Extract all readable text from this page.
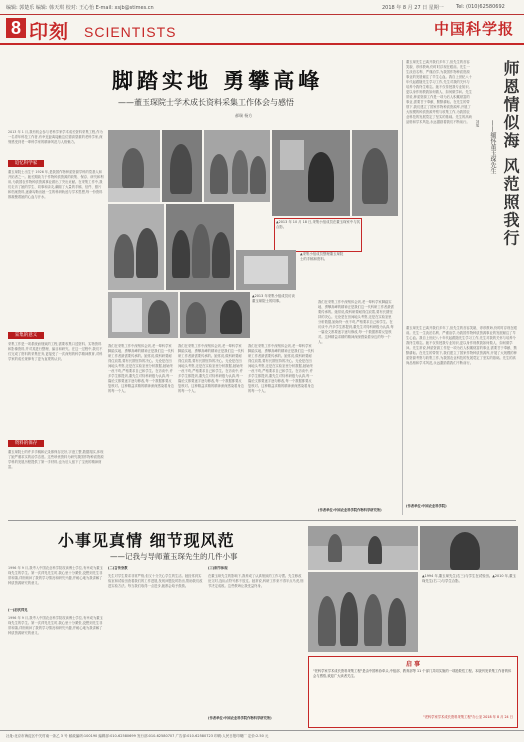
编辑: 郭楚乐 编辑: 韩天琪 校对: 王心怡 E-mail: xsjb@stimes.cn	2018 年 8 月 27 日 星期一 Tel: (010)62580692
8 印刻 SCIENTISTS	中国科学报
脚踏实地 勇攀高峰
——董玉琛院士学术成长资料采集工作体会与感悟
郝瑞 杨方
2013 年 1 月,我有机会参与老科学家学术成长资料采集工程,作为一名青年科技工作者,有幸近距离接触这位德高望重的老科学家,深刻感受到老一辈科学家的精神风范与人格魅力。
追忆科学家
董玉琛院士出生于 1926 年,是我国作物种质资源学科的奠基人和开拓者之一。她长期致力于作物种质资源的收集、保存、研究和利用,为我国农作物种质资源事业做出了突出贡献。在采集工作中,我们走访了她的学生、同事和亲友,翻阅了大量的手稿、信件、照片和档案资料,逐渐勾勒出她一生的科研轨迹与学术思想,每一份资料都凝聚着她的心血与汗水。
采集的意义
采集工作是一项系统而细致的工程,需要收集口述资料、实物资料和影像资料,并对其进行整理、编目和研究。在这一过程中,我们不仅完成了资料的采集任务,更接受了一次深刻的科学精神教育,对科学家的成长规律有了更为直观的认识。
资料的保存
董玉琛院士的许多手稿和记录都保存完好,字迹工整,数据翔实,体现了她严谨求实的治学态度。这些珍贵资料为研究我国作物种质资源学科的发展历程提供了第一手材料,也为后人留下了宝贵的精神财富。
▲2013 年 10 月 18 日,采集小组成员在董玉琛家中与其合影。
▲采集小组成员整理董玉琛院士的手稿和资料。
▲2013 年采集小组成员访谈董玉琛院士的同事。
我们在采集工作中深刻体会到,老一辈科学家脚踏实地、勇攀高峰的精神正是我们这一代科研工作者最需要传承的。她常说,做科研要耐得住寂寞,要有长期坚持的决心。无论是在田间地头考察,还是在实验室里分析数据,她始终一丝不苟,严格要求自己和学生。在访谈中,许多学生都提到,董先生对待科研极为认真,每一篇论文都要逐字逐句修改,每一个数据都要反复核对。这种精益求精的精神深深感染着身边的每一个人。
我们在采集工作中深刻体会到,老一辈科学家脚踏实地、勇攀高峰的精神正是我们这一代科研工作者最需要传承的。她常说,做科研要耐得住寂寞,要有长期坚持的决心。无论是在田间地头考察,还是在实验室里分析数据,她始终一丝不苟,严格要求自己和学生。在访谈中,许多学生都提到,董先生对待科研极为认真,每一篇论文都要逐字逐句修改,每一个数据都要反复核对。这种精益求精的精神深深感染着身边的每一个人。
我们在采集工作中深刻体会到,老一辈科学家脚踏实地、勇攀高峰的精神正是我们这一代科研工作者最需要传承的。她常说,做科研要耐得住寂寞,要有长期坚持的决心。无论是在田间地头考察,还是在实验室里分析数据,她始终一丝不苟,严格要求自己和学生。在访谈中,许多学生都提到,董先生对待科研极为认真,每一篇论文都要逐字逐句修改,每一个数据都要反复核对。这种精益求精的精神深深感染着身边的每一个人。
我们在采集工作中深刻体会到,老一辈科学家脚踏实地、勇攀高峰的精神正是我们这一代科研工作者最需要传承的。她常说,做科研要耐得住寂寞,要有长期坚持的决心。无论是在田间地头考察,还是在实验室里分析数据,她始终一丝不苟,严格要求自己和学生。在访谈中,许多学生都提到,董先生对待科研极为认真,每一篇论文都要逐字逐句修改,每一个数据都要反复核对。这种精益求精的精神深深感染着身边的每一个人。
(作者单位:中国农业科学院作物科学研究所)
师恩情似海 风范照我行
——缅怀董玉琛先生
刘旭
董玉琛先生已离开我们多年了,但先生的音容笑貌、谆谆教诲,仍时时浮现在眼前。先生一生淡泊名利、严谨治学,为我国作物种质资源事业的发展倾注了毕生心血。我自上世纪八十年代起跟随先生学习工作,先生对我的关怀与培养令我终生难忘。她不仅传授我专业知识,更以身作则教我如何做人、如何做学问。先生常说,种质资源工作是一项为后人积累财富的事业,需要甘于奉献、默默耕耘。在先生的带领下,我们建立了国家作物种质资源库,开展了大规模的种质资源考察与收集工作,为我国农业科技的发展奠定了坚实的基础。先生的高尚品格和学术风范,永远激励着我们不断前行。
董玉琛先生已离开我们多年了,但先生的音容笑貌、谆谆教诲,仍时时浮现在眼前。先生一生淡泊名利、严谨治学,为我国作物种质资源事业的发展倾注了毕生心血。我自上世纪八十年代起跟随先生学习工作,先生对我的关怀与培养令我终生难忘。她不仅传授我专业知识,更以身作则教我如何做人、如何做学问。先生常说,种质资源工作是一项为后人积累财富的事业,需要甘于奉献、默默耕耘。在先生的带领下,我们建立了国家作物种质资源库,开展了大规模的种质资源考察与收集工作,为我国农业科技的发展奠定了坚实的基础。先生的高尚品格和学术风范,永远激励着我们不断前行。
(作者单位:中国农业科学院)
小事见真情 细节现风范
——记我与导师董玉琛先生的几件小事
1996 年 9 月,我考入中国农业科学院攻读博士学位,有幸成为董玉琛先生的学生。第一次拜见先生时,我心里十分紧张,没想到先生非常和蔼,详细询问了我的学习情况和研究兴趣,并耐心地为我讲解了种质资源研究的意义。
(一)初次拜见
1996 年 9 月,我考入中国农业科学院攻读博士学位,有幸成为董玉琛先生的学生。第一次拜见先生时,我心里十分紧张,没想到先生非常和蔼,详细询问了我的学习情况和研究兴趣,并耐心地为我讲解了种质资源研究的意义。
(二)言传身教
先生对学生要求非常严格,但又十分关心学生的生活。她经常到实验室和试验田查看我们的工作进展,发现问题及时指出,帮助我们改进实验方法。每当我们取得一点进步,她都会给予鼓励。
(三)细节体现
在董玉琛先生的影响下,我养成了认真细致的工作习惯。先生修改论文时,连标点符号都不放过。她常说,科研工作来不得半点马虎,细节决定成败。这些教诲让我受益终身。
(作者单位:中国农业科学院作物科学研究所)
▲1994 年,董玉琛先生(右三)与学生在试验田。▲2010 年,董玉琛先生(右二)与学生合影。
启 事
"老科学家学术成长资料采集工程"是由中国科协牵头,中组部、教育部等 11 个部门共同实施的一项抢救性工程。本版刊发采集工作者的体会与感悟,欢迎广大读者关注。
"老科学家学术成长资料采集工程"办公室 2018 年 8 月 24 日
社址:北京市海淀区中关村南一条乙 3 号 邮政编码:100190 编辑部:010-62580699 发行部:010-62580707 广告部:010-62580723 印刷:人民日报印刷厂 定价:2.50 元
